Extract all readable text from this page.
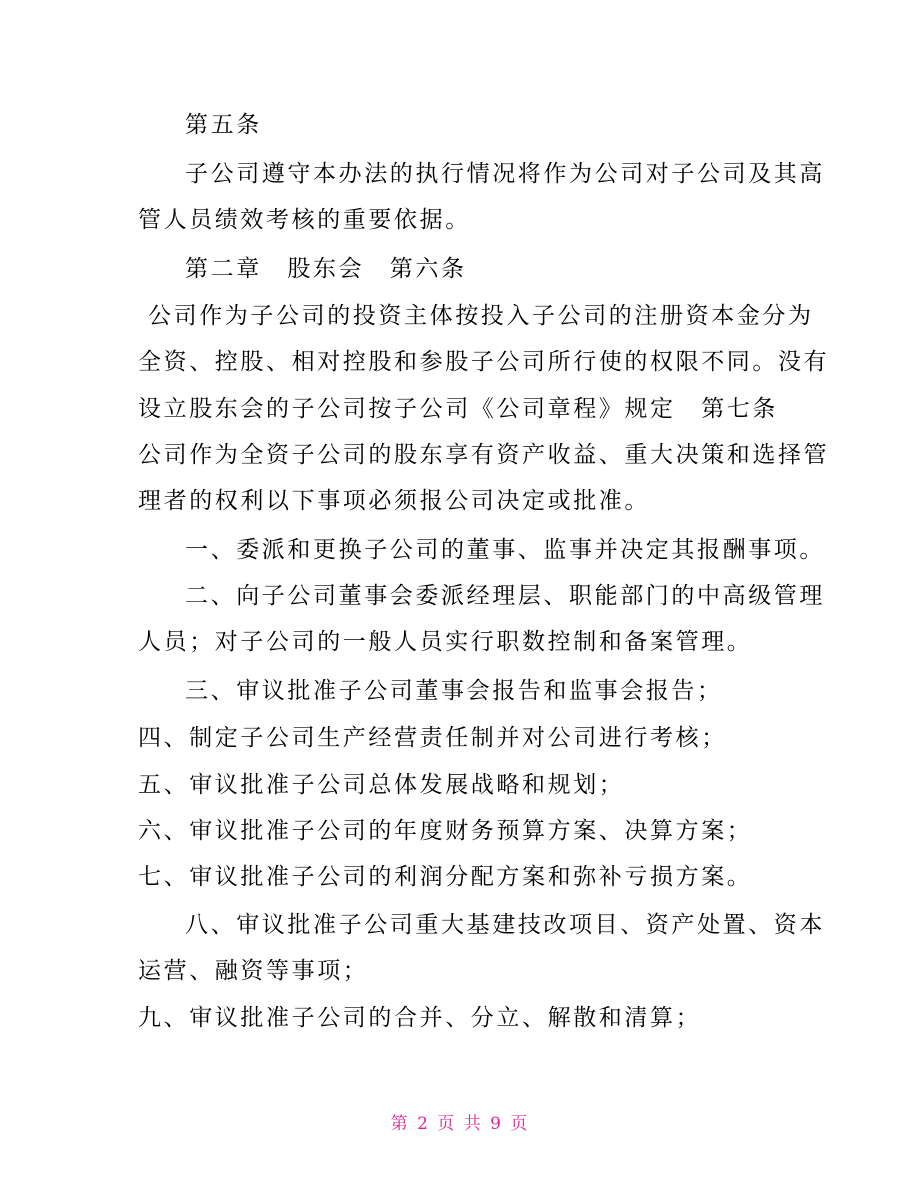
第五条

子公司遵守本办法的执行情况将作为公司对子公司及其高

管人员绩效考核的重要依据。

第二章　股东会　第六条

公司作为子公司的投资主体按投入子公司的注册资本金分为

全资、控股、相对控股和参股子公司所行使的权限不同。没有

设立股东会的子公司按子公司《公司章程》规定　第七条

公司作为全资子公司的股东享有资产收益、重大决策和选择管

理者的权利以下事项必须报公司决定或批准。

一、委派和更换子公司的董事、监事并决定其报酬事项。

二、向子公司董事会委派经理层、职能部门的中高级管理

人员；对子公司的一般人员实行职数控制和备案管理。

三、审议批准子公司董事会报告和监事会报告；

四、制定子公司生产经营责任制并对公司进行考核；

五、审议批准子公司总体发展战略和规划；

六、审议批准子公司的年度财务预算方案、决算方案；

七、审议批准子公司的利润分配方案和弥补亏损方案。

八、审议批准子公司重大基建技改项目、资产处置、资本

运营、融资等事项；

九、审议批准子公司的合并、分立、解散和清算；

第 2 页 共 9 页
